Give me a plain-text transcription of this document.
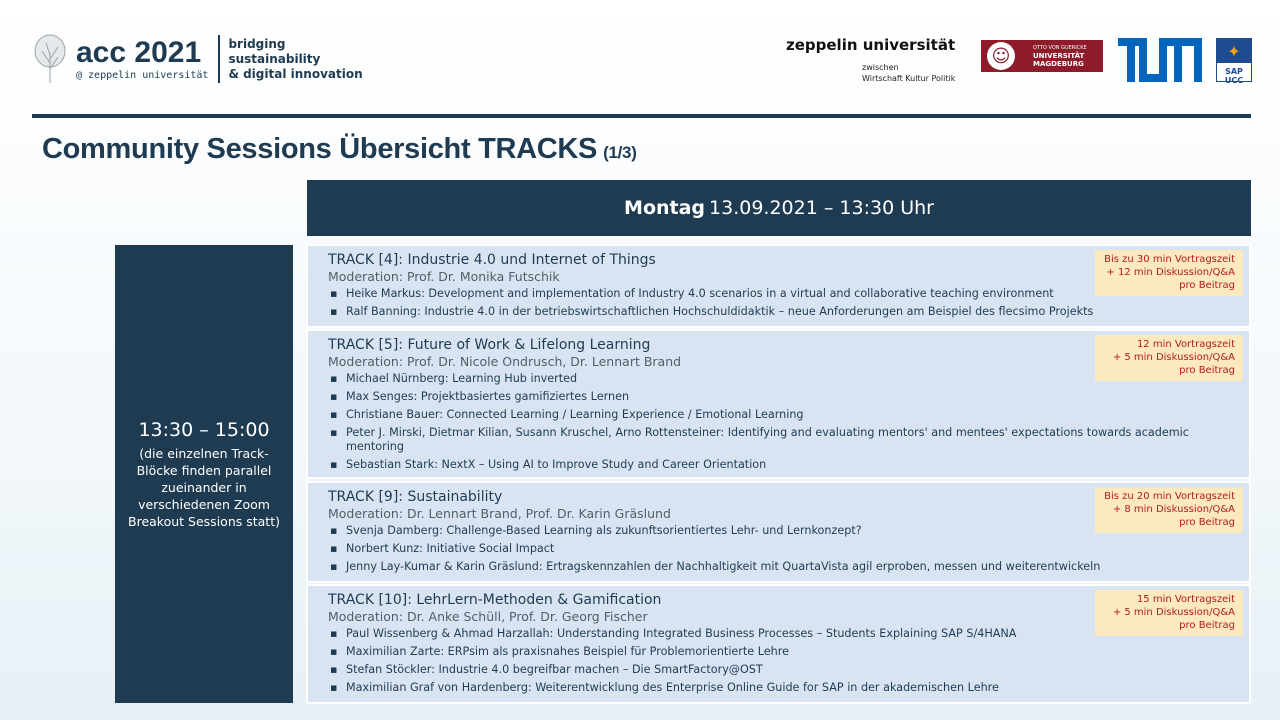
acc 2021
@ zeppelin universität
bridging
sustainability
& digital innovation
zeppelin universität
zwischen
Wirtschaft Kultur Politik
☺	OTTO VON GUERICKE
UNIVERSITÄT
MAGDEBURG
✦
SAP UCC
Community Sessions Übersicht TRACKS (1/3)
Montag 13.09.2021 – 13:30 Uhr
13:30 – 15:00
(die einzelnen Track-Blöcke finden parallel zueinander in verschiedenen Zoom Breakout Sessions statt)
TRACK [4]: Industrie 4.0 und Internet of Things
Moderation: Prof. Dr. Monika Futschik
▪ Heike Markus: Development and implementation of Industry 4.0 scenarios in a virtual and collaborative teaching environment
▪ Ralf Banning: Industrie 4.0 in der betriebswirtschaftlichen Hochschuldidaktik – neue Anforderungen am Beispiel des flecsimo Projekts
Bis zu 30 min Vortragszeit
+ 12 min Diskussion/Q&A
pro Beitrag
TRACK [5]: Future of Work & Lifelong Learning
Moderation: Prof. Dr. Nicole Ondrusch, Dr. Lennart Brand
▪ Michael Nürnberg: Learning Hub inverted
▪ Max Senges: Projektbasiertes gamifiziertes Lernen
▪ Christiane Bauer: Connected Learning / Learning Experience / Emotional Learning
▪ Peter J. Mirski, Dietmar Kilian, Susann Kruschel, Arno Rottensteiner: Identifying and evaluating mentors' and mentees' expectations towards academic mentoring
▪ Sebastian Stark: NextX – Using AI to Improve Study and Career Orientation
12 min Vortragszeit
+ 5 min Diskussion/Q&A
pro Beitrag
TRACK [9]: Sustainability
Moderation: Dr. Lennart Brand, Prof. Dr. Karin Gräslund
▪ Svenja Damberg: Challenge-Based Learning als zukunftsorientiertes Lehr- und Lernkonzept?
▪ Norbert Kunz: Initiative Social Impact
▪ Jenny Lay-Kumar & Karin Gräslund: Ertragskennzahlen der Nachhaltigkeit mit QuartaVista agil erproben, messen und weiterentwickeln
Bis zu 20 min Vortragszeit
+ 8 min Diskussion/Q&A
pro Beitrag
TRACK [10]: LehrLern-Methoden & Gamification
Moderation: Dr. Anke Schüll, Prof. Dr. Georg Fischer
▪ Paul Wissenberg & Ahmad Harzallah: Understanding Integrated Business Processes – Students Explaining SAP S/4HANA
▪ Maximilian Zarte: ERPsim als praxisnahes Beispiel für Problemorientierte Lehre
▪ Stefan Stöckler: Industrie 4.0 begreifbar machen – Die SmartFactory@OST
▪ Maximilian Graf von Hardenberg: Weiterentwicklung des Enterprise Online Guide for SAP in der akademischen Lehre
15 min Vortragszeit
+ 5 min Diskussion/Q&A
pro Beitrag
